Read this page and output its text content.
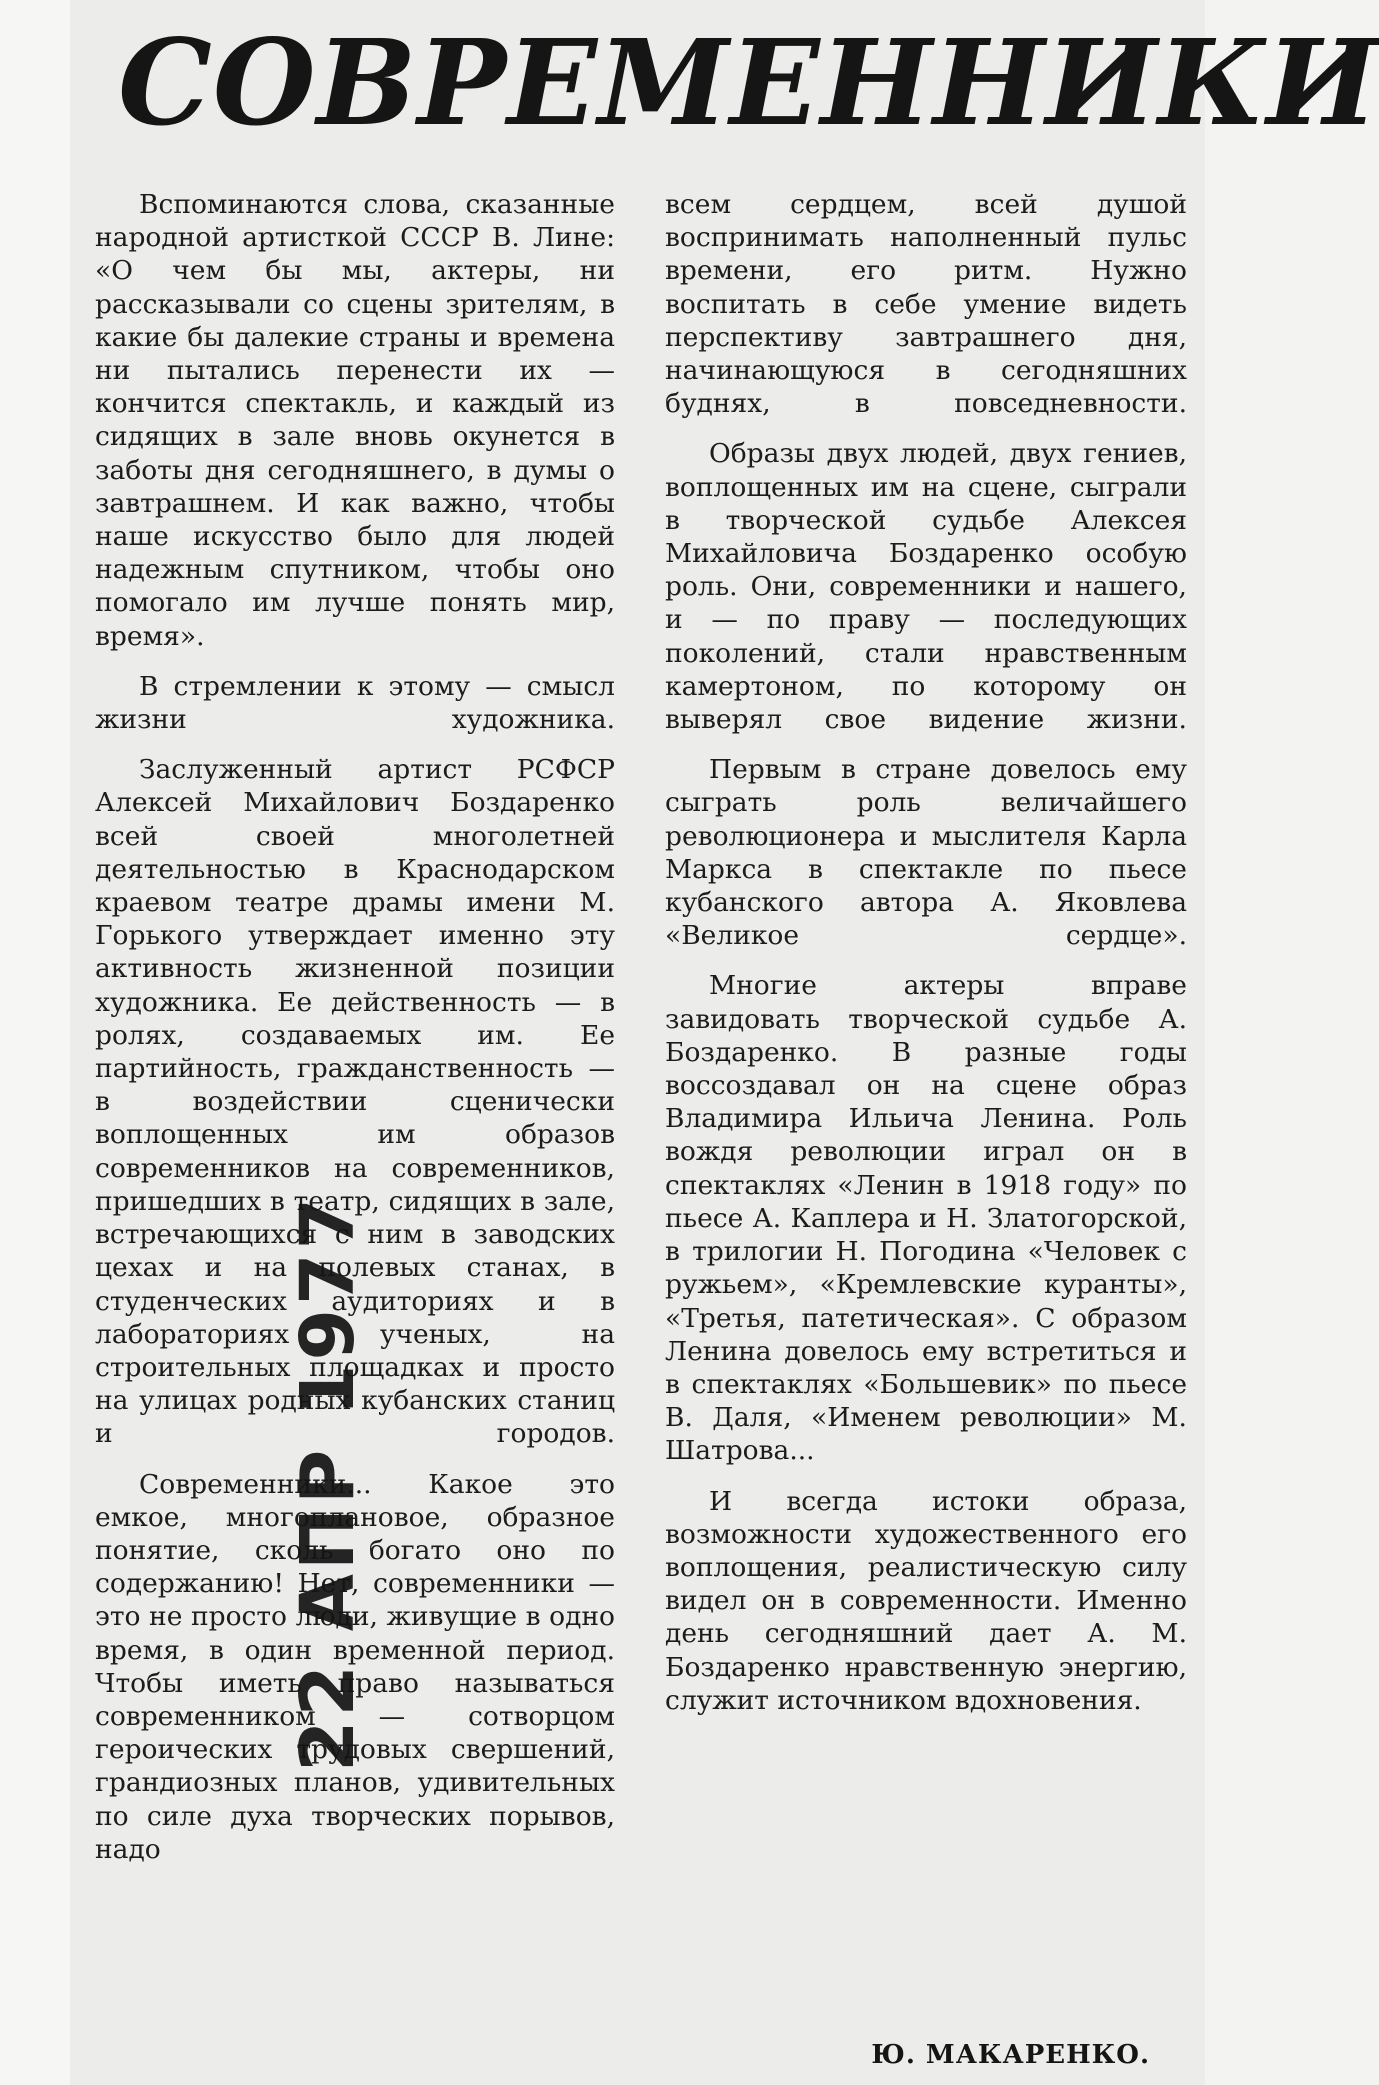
СОВРЕМЕННИКИ

Вспоминаются слова, сказанные народной артисткой СССР В. Лине: «О чем бы мы, актеры, ни рассказывали со сцены зрителям, в какие бы далекие страны и времена ни пытались перенести их — кончится спектакль, и каждый из сидящих в зале вновь окунется в заботы дня сегодняшнего, в думы о завтрашнем. И как важно, чтобы наше искусство было для людей надежным спутником, чтобы оно помогало им лучше понять мир, время».

В стремлении к этому — смысл жизни художника.

Заслуженный артист РСФСР Алексей Михайлович Боздаренко всей своей многолетней деятельностью в Краснодарском краевом театре драмы имени М. Горького утверждает именно эту активность жизненной позиции художника. Ее действенность — в ролях, создаваемых им. Ее партийность, гражданственность — в воздействии сценически воплощенных им образов современников на современников, пришедших в театр, сидящих в зале, встречающихся с ним в заводских цехах и на полевых станах, в студенческих аудиториях и в лабораториях ученых, на строительных площадках и просто на улицах родных кубанских станиц и городов.

Современники... Какое это емкое, многоплановое, образное понятие, сколь богато оно по содержанию! Нет, современники — это не просто люди, живущие в одно время, в один временной период. Чтобы иметь право называться современником — сотворцом героических трудовых свершений, грандиозных планов, удивительных по силе духа творческих порывов, надо

всем сердцем, всей душой воспринимать наполненный пульс времени, его ритм. Нужно воспитать в себе умение видеть перспективу завтрашнего дня, начинающуюся в сегодняшних буднях, в повседневности.

Образы двух людей, двух гениев, воплощенных им на сцене, сыграли в творческой судьбе Алексея Михайловича Боздаренко особую роль. Они, современники и нашего, и — по праву — последующих поколений, стали нравственным камертоном, по которому он выверял свое видение жизни.

Первым в стране довелось ему сыграть роль величайшего революционера и мыслителя Карла Маркса в спектакле по пьесе кубанского автора А. Яковлева «Великое сердце».

Многие актеры вправе завидовать творческой судьбе А. Боздаренко. В разные годы воссоздавал он на сцене образ Владимира Ильича Ленина. Роль вождя революции играл он в спектаклях «Ленин в 1918 году» по пьесе А. Каплера и Н. Златогорской, в трилогии Н. Погодина «Человек с ружьем», «Кремлевские куранты», «Третья, патетическая». С образом Ленина довелось ему встретиться и в спектаклях «Большевик» по пьесе В. Даля, «Именем революции» М. Шатрова...

И всегда истоки образа, возможности художественного его воплощения, реалистическую силу видел он в современности. Именно день сегодняшний дает А. М. Боздаренко нравственную энергию, служит источником вдохновения.

22 АПР 1977
Ю. МАКАРЕНКО.
